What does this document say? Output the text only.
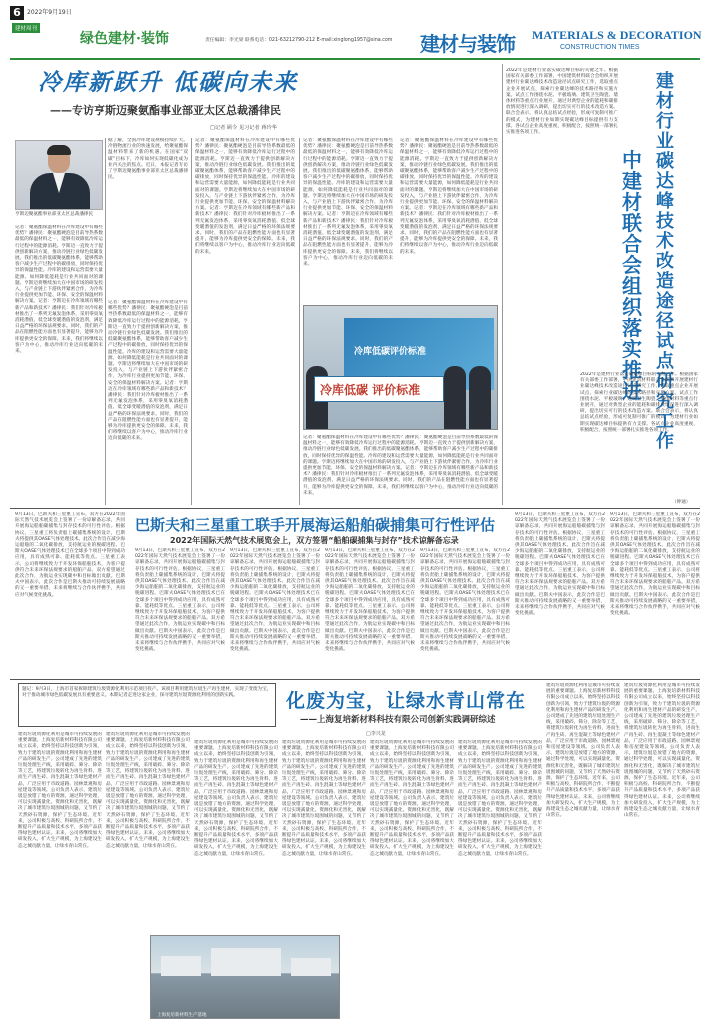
6	2022年9月19日
建材周刊
绿色建材·装饰	责任编辑：李光梁 联系电话：021-63212790-212 E-mail:xinglong1957@sina.com 建材与装饰 MATERIALS & DECORATION
CONSTRUCTION TIMES
冷库新跃升 低碳向未来
——专访亨斯迈聚氨酯事业部亚太区总裁潘律民
□记者 顾令 见习记者 蒋玲华
亨斯迈聚氨酯事业部亚太区总裁潘律民
据了解，全国冷库建设规模持续扩大。冷链物流行业的快速发展，给聚氨酯保温材料带来了新的机遇。在国家“双碳”目标下，冷库如何实现低碳化成为业内关注的焦点。近日，本报记者专访了亨斯迈聚氨酯事业部亚太区总裁潘律民。
记者：聚氨酯保温材料在冷库建设中有哪些优势？潘律民：聚氨酯硬泡是目前导热系数最低的保温材料之一，能够有效降低冷库运行过程中的能源消耗。亨斯迈一直致力于提供创新解决方案，推动冷链行业绿色低碳发展。我们推出的低碳聚氨酯体系，能够帮助客户减少生产过程中的碳排放，同时保持优异的保温性能。冷库的建设和运营需要大量能源，如何降低能耗是行业共同面对的课题。亨斯迈将继续加大在中国市场的研发投入，与产业链上下游伙伴紧密合作，为冷库行业提供更加节能、环保、安全的保温材料解决方案。记者：亨斯迈在冷库领域有哪些新产品和新技术？潘律民：我们针对冷库板材推出了一系列无氟发泡体系，采用零臭氧消耗潜值、低全球变暖潜值的发泡剂，满足日益严格的环保法规要求。同时，我们的产品在阻燃性能方面也有显著提升，能够为冷库提供更安全的保障。未来，我们将继续以客户为中心，推动冷库行业迈向低碳的未来。
记者：聚氨酯保温材料在冷库建设中有哪些优势？潘律民：聚氨酯硬泡是目前导热系数最低的保温材料之一，能够有效降低冷库运行过程中的能源消耗。亨斯迈一直致力于提供创新解决方案，推动冷链行业绿色低碳发展。我们推出的低碳聚氨酯体系，能够帮助客户减少生产过程中的碳排放，同时保持优异的保温性能。冷库的建设和运营需要大量能源，如何降低能耗是行业共同面对的课题。亨斯迈将继续加大在中国市场的研发投入，与产业链上下游伙伴紧密合作，为冷库行业提供更加节能、环保、安全的保温材料解决方案。记者：亨斯迈在冷库领域有哪些新产品和新技术？潘律民：我们针对冷库板材推出了一系列无氟发泡体系，采用零臭氧消耗潜值、低全球变暖潜值的发泡剂，满足日益严格的环保法规要求。同时，我们的产品在阻燃性能方面也有显著提升，能够为冷库提供更安全的保障。未来，我们将继续以客户为中心，推动冷库行业迈向低碳的未来。
记者：聚氨酯保温材料在冷库建设中有哪些优势？潘律民：聚氨酯硬泡是目前导热系数最低的保温材料之一，能够有效降低冷库运行过程中的能源消耗。亨斯迈一直致力于提供创新解决方案，推动冷链行业绿色低碳发展。我们推出的低碳聚氨酯体系，能够帮助客户减少生产过程中的碳排放，同时保持优异的保温性能。冷库的建设和运营需要大量能源，如何降低能耗是行业共同面对的课题。亨斯迈将继续加大在中国市场的研发投入，与产业链上下游伙伴紧密合作，为冷库行业提供更加节能、环保、安全的保温材料解决方案。记者：亨斯迈在冷库领域有哪些新产品和新技术？潘律民：我们针对冷库板材推出了一系列无氟发泡体系，采用零臭氧消耗潜值、低全球变暖潜值的发泡剂，满足日益严格的环保法规要求。同时，我们的产品在阻燃性能方面也有显著提升，能够为冷库提供更安全的保障。未来，我们将继续以客户为中心，推动冷库行业迈向低碳的未来。
记者：聚氨酯保温材料在冷库建设中有哪些优势？潘律民：聚氨酯硬泡是目前导热系数最低的保温材料之一，能够有效降低冷库运行过程中的能源消耗。亨斯迈一直致力于提供创新解决方案，推动冷链行业绿色低碳发展。我们推出的低碳聚氨酯体系，能够帮助客户减少生产过程中的碳排放，同时保持优异的保温性能。冷库的建设和运营需要大量能源，如何降低能耗是行业共同面对的课题。亨斯迈将继续加大在中国市场的研发投入，与产业链上下游伙伴紧密合作，为冷库行业提供更加节能、环保、安全的保温材料解决方案。记者：亨斯迈在冷库领域有哪些新产品和新技术？潘律民：我们针对冷库板材推出了一系列无氟发泡体系，采用零臭氧消耗潜值、低全球变暖潜值的发泡剂，满足日益严格的环保法规要求。同时，我们的产品在阻燃性能方面也有显著提升，能够为冷库提供更安全的保障。未来，我们将继续以客户为中心，推动冷库行业迈向低碳的未来。
记者：聚氨酯保温材料在冷库建设中有哪些优势？潘律民：聚氨酯硬泡是目前导热系数最低的保温材料之一，能够有效降低冷库运行过程中的能源消耗。亨斯迈一直致力于提供创新解决方案，推动冷链行业绿色低碳发展。我们推出的低碳聚氨酯体系，能够帮助客户减少生产过程中的碳排放，同时保持优异的保温性能。冷库的建设和运营需要大量能源，如何降低能耗是行业共同面对的课题。亨斯迈将继续加大在中国市场的研发投入，与产业链上下游伙伴紧密合作，为冷库行业提供更加节能、环保、安全的保温材料解决方案。记者：亨斯迈在冷库领域有哪些新产品和新技术？潘律民：我们针对冷库板材推出了一系列无氟发泡体系，采用零臭氧消耗潜值、低全球变暖潜值的发泡剂，满足日益严格的环保法规要求。同时，我们的产品在阻燃性能方面也有显著提升，能够为冷库提供更安全的保障。未来，我们将继续以客户为中心，推动冷库行业迈向低碳的未来。
记者：聚氨酯保温材料在冷库建设中有哪些优势？潘律民：聚氨酯硬泡是目前导热系数最低的保温材料之一，能够有效降低冷库运行过程中的能源消耗。亨斯迈一直致力于提供创新解决方案，推动冷链行业绿色低碳发展。我们推出的低碳聚氨酯体系，能够帮助客户减少生产过程中的碳排放，同时保持优异的保温性能。冷库的建设和运营需要大量能源，如何降低能耗是行业共同面对的课题。亨斯迈将继续加大在中国市场的研发投入，与产业链上下游伙伴紧密合作，为冷库行业提供更加节能、环保、安全的保温材料解决方案。记者：亨斯迈在冷库领域有哪些新产品和新技术？潘律民：我们针对冷库板材推出了一系列无氟发泡体系，采用零臭氧消耗潜值、低全球变暖潜值的发泡剂，满足日益严格的环保法规要求。同时，我们的产品在阻燃性能方面也有显著提升，能够为冷库提供更安全的保障。未来，我们将继续以客户为中心，推动冷库行业迈向低碳的未来。
冷库低碳评价标准
冷库低碳 评价标准
建材行业碳达峰技术改造途径试点研究工作
中建材联合会组织落实推进
2022年是建材行业落实碳达峰目标的关键之年。根据国家有关部委工作部署，中国建筑材料联合会组织开展建材行业碳达峰技术改造途径试点研究工作，选取重点企业开展试点，探索行业碳达峰的技术路径和实施方案。试点工作围绕水泥、平板玻璃、建筑卫生陶瓷、墙体材料等重点行业展开，通过对典型企业的能耗和碳排放情况进行深入调研，提出切实可行的技术改造方案。联合会表示，将认真总结试点经验，形成可复制可推广的模式，为建材行业如期实现碳达峰目标提供有力支撑。各试点企业高度重视，积极配合，按照统一部署扎实推进各项工作。
2022年是建材行业落实碳达峰目标的关键之年。根据国家有关部委工作部署，中国建筑材料联合会组织开展建材行业碳达峰技术改造途径试点研究工作，选取重点企业开展试点，探索行业碳达峰的技术路径和实施方案。试点工作围绕水泥、平板玻璃、建筑卫生陶瓷、墙体材料等重点行业展开，通过对典型企业的能耗和碳排放情况进行深入调研，提出切实可行的技术改造方案。联合会表示，将认真总结试点经验，形成可复制可推广的模式，为建材行业如期实现碳达峰目标提供有力支撑。各试点企业高度重视，积极配合，按照统一部署扎实推进各项工作。
（钟通）
巴斯夫和三星重工联手开展海运船舶碳捕集可行性评估
2022年国际天然气技术展览会上，双方签署“船舶碳捕集与封存”技术谅解备忘录
9月13日，巴斯夫和三星重工宣布，双方在2022年国际天然气技术展览会上签署了一份谅解备忘录，共同开展海运船舶碳捕集与封存技术的可行性评估。根据协议，三星重工将负责船上碳捕集系统的设计，巴斯夫将提供其OASE气体处理技术。此次合作旨在减少海运船舶的二氧化碳排放，支持航运业的脱碳进程。巴斯夫OASE气体处理技术已在全球多个项目中得到成功应用，具有成熟可靠、能耗低等优点。三星重工表示，公司将继续致力于开发环保船舶技术，为客户提供符合未来环保法规要求的船舶产品。双方希望通过此次合作，为航运业实现碳中和目标做出贡献。巴斯夫中国表示，此次合作是巴斯夫推动可持续发展战略的又一重要举措，未来将继续与合作伙伴携手，共同应对气候变化挑战。
9月13日，巴斯夫和三星重工宣布，双方在2022年国际天然气技术展览会上签署了一份谅解备忘录，共同开展海运船舶碳捕集与封存技术的可行性评估。根据协议，三星重工将负责船上碳捕集系统的设计，巴斯夫将提供其OASE气体处理技术。此次合作旨在减少海运船舶的二氧化碳排放，支持航运业的脱碳进程。巴斯夫OASE气体处理技术已在全球多个项目中得到成功应用，具有成熟可靠、能耗低等优点。三星重工表示，公司将继续致力于开发环保船舶技术，为客户提供符合未来环保法规要求的船舶产品。双方希望通过此次合作，为航运业实现碳中和目标做出贡献。巴斯夫中国表示，此次合作是巴斯夫推动可持续发展战略的又一重要举措，未来将继续与合作伙伴携手，共同应对气候变化挑战。
9月13日，巴斯夫和三星重工宣布，双方在2022年国际天然气技术展览会上签署了一份谅解备忘录，共同开展海运船舶碳捕集与封存技术的可行性评估。根据协议，三星重工将负责船上碳捕集系统的设计，巴斯夫将提供其OASE气体处理技术。此次合作旨在减少海运船舶的二氧化碳排放，支持航运业的脱碳进程。巴斯夫OASE气体处理技术已在全球多个项目中得到成功应用，具有成熟可靠、能耗低等优点。三星重工表示，公司将继续致力于开发环保船舶技术，为客户提供符合未来环保法规要求的船舶产品。双方希望通过此次合作，为航运业实现碳中和目标做出贡献。巴斯夫中国表示，此次合作是巴斯夫推动可持续发展战略的又一重要举措，未来将继续与合作伙伴携手，共同应对气候变化挑战。
9月13日，巴斯夫和三星重工宣布，双方在2022年国际天然气技术展览会上签署了一份谅解备忘录，共同开展海运船舶碳捕集与封存技术的可行性评估。根据协议，三星重工将负责船上碳捕集系统的设计，巴斯夫将提供其OASE气体处理技术。此次合作旨在减少海运船舶的二氧化碳排放，支持航运业的脱碳进程。巴斯夫OASE气体处理技术已在全球多个项目中得到成功应用，具有成熟可靠、能耗低等优点。三星重工表示，公司将继续致力于开发环保船舶技术，为客户提供符合未来环保法规要求的船舶产品。双方希望通过此次合作，为航运业实现碳中和目标做出贡献。巴斯夫中国表示，此次合作是巴斯夫推动可持续发展战略的又一重要举措，未来将继续与合作伙伴携手，共同应对气候变化挑战。
9月13日，巴斯夫和三星重工宣布，双方在2022年国际天然气技术展览会上签署了一份谅解备忘录，共同开展海运船舶碳捕集与封存技术的可行性评估。根据协议，三星重工将负责船上碳捕集系统的设计，巴斯夫将提供其OASE气体处理技术。此次合作旨在减少海运船舶的二氧化碳排放，支持航运业的脱碳进程。巴斯夫OASE气体处理技术已在全球多个项目中得到成功应用，具有成熟可靠、能耗低等优点。三星重工表示，公司将继续致力于开发环保船舶技术，为客户提供符合未来环保法规要求的船舶产品。双方希望通过此次合作，为航运业实现碳中和目标做出贡献。巴斯夫中国表示，此次合作是巴斯夫推动可持续发展战略的又一重要举措，未来将继续与合作伙伴携手，共同应对气候变化挑战。
9月13日，巴斯夫和三星重工宣布，双方在2022年国际天然气技术展览会上签署了一份谅解备忘录，共同开展海运船舶碳捕集与封存技术的可行性评估。根据协议，三星重工将负责船上碳捕集系统的设计，巴斯夫将提供其OASE气体处理技术。此次合作旨在减少海运船舶的二氧化碳排放，支持航运业的脱碳进程。巴斯夫OASE气体处理技术已在全球多个项目中得到成功应用，具有成熟可靠、能耗低等优点。三星重工表示，公司将继续致力于开发环保船舶技术，为客户提供符合未来环保法规要求的船舶产品。双方希望通过此次合作，为航运业实现碳中和目标做出贡献。巴斯夫中国表示，此次合作是巴斯夫推动可持续发展战略的又一重要举措，未来将继续与合作伙伴携手，共同应对气候变化挑战。
9月13日，巴斯夫和三星重工宣布，双方在2022年国际天然气技术展览会上签署了一份谅解备忘录，共同开展海运船舶碳捕集与封存技术的可行性评估。根据协议，三星重工将负责船上碳捕集系统的设计，巴斯夫将提供其OASE气体处理技术。此次合作旨在减少海运船舶的二氧化碳排放，支持航运业的脱碳进程。巴斯夫OASE气体处理技术已在全球多个项目中得到成功应用，具有成熟可靠、能耗低等优点。三星重工表示，公司将继续致力于开发环保船舶技术，为客户提供符合未来环保法规要求的船舶产品。双方希望通过此次合作，为航运业实现碳中和目标做出贡献。巴斯夫中国表示，此次合作是巴斯夫推动可持续发展战略的又一重要举措，未来将继续与合作伙伴携手，共同应对气候变化挑战。
题记：9月3日，上海市首家拆除建筑垃圾资源化利用示范项目投产。该项目利用建筑垃圾生产再生建材，实现了变废为宝，对于推动城市绿色低碳发展具有重要意义。本期记者走进这家企业，探寻建筑垃圾资源化利用的创新实践。	化废为宝，让绿水青山常在
——上海复培新材料科技有限公司创新实践调研综述
□李兴龙
建筑垃圾资源化利用是城市可持续发展的重要课题。上海复培新材料科技有限公司成立以来，始终坚持以科技创新为引领，致力于建筑垃圾的资源化利用和再生建材产品的研发生产。公司建成了先进的建筑垃圾处理生产线，采用破碎、筛分、除杂等工艺，将建筑垃圾转化为再生骨料，进而生产再生砖、再生混凝土等绿色建材产品，广泛应用于市政道路、园林景观和房屋建设等领域。公司负责人表示，建筑垃圾是放错了地方的资源，通过科学处理，可以实现减量化、资源化和无害化，既解决了城市建筑垃圾围城的问题，又节约了天然砂石资源，保护了生态环境。近年来，公司积极与高校、科研院所合作，不断提升产品质量和技术水平，多项产品获得绿色建材认证。未来，公司将继续加大研发投入，扩大生产规模，为上海建设生态之城贡献力量，让绿水青山常在。
建筑垃圾资源化利用是城市可持续发展的重要课题。上海复培新材料科技有限公司成立以来，始终坚持以科技创新为引领，致力于建筑垃圾的资源化利用和再生建材产品的研发生产。公司建成了先进的建筑垃圾处理生产线，采用破碎、筛分、除杂等工艺，将建筑垃圾转化为再生骨料，进而生产再生砖、再生混凝土等绿色建材产品，广泛应用于市政道路、园林景观和房屋建设等领域。公司负责人表示，建筑垃圾是放错了地方的资源，通过科学处理，可以实现减量化、资源化和无害化，既解决了城市建筑垃圾围城的问题，又节约了天然砂石资源，保护了生态环境。近年来，公司积极与高校、科研院所合作，不断提升产品质量和技术水平，多项产品获得绿色建材认证。未来，公司将继续加大研发投入，扩大生产规模，为上海建设生态之城贡献力量，让绿水青山常在。
建筑垃圾资源化利用是城市可持续发展的重要课题。上海复培新材料科技有限公司成立以来，始终坚持以科技创新为引领，致力于建筑垃圾的资源化利用和再生建材产品的研发生产。公司建成了先进的建筑垃圾处理生产线，采用破碎、筛分、除杂等工艺，将建筑垃圾转化为再生骨料，进而生产再生砖、再生混凝土等绿色建材产品，广泛应用于市政道路、园林景观和房屋建设等领域。公司负责人表示，建筑垃圾是放错了地方的资源，通过科学处理，可以实现减量化、资源化和无害化，既解决了城市建筑垃圾围城的问题，又节约了天然砂石资源，保护了生态环境。近年来，公司积极与高校、科研院所合作，不断提升产品质量和技术水平，多项产品获得绿色建材认证。未来，公司将继续加大研发投入，扩大生产规模，为上海建设生态之城贡献力量，让绿水青山常在。
建筑垃圾资源化利用是城市可持续发展的重要课题。上海复培新材料科技有限公司成立以来，始终坚持以科技创新为引领，致力于建筑垃圾的资源化利用和再生建材产品的研发生产。公司建成了先进的建筑垃圾处理生产线，采用破碎、筛分、除杂等工艺，将建筑垃圾转化为再生骨料，进而生产再生砖、再生混凝土等绿色建材产品，广泛应用于市政道路、园林景观和房屋建设等领域。公司负责人表示，建筑垃圾是放错了地方的资源，通过科学处理，可以实现减量化、资源化和无害化，既解决了城市建筑垃圾围城的问题，又节约了天然砂石资源，保护了生态环境。近年来，公司积极与高校、科研院所合作，不断提升产品质量和技术水平，多项产品获得绿色建材认证。未来，公司将继续加大研发投入，扩大生产规模，为上海建设生态之城贡献力量，让绿水青山常在。
建筑垃圾资源化利用是城市可持续发展的重要课题。上海复培新材料科技有限公司成立以来，始终坚持以科技创新为引领，致力于建筑垃圾的资源化利用和再生建材产品的研发生产。公司建成了先进的建筑垃圾处理生产线，采用破碎、筛分、除杂等工艺，将建筑垃圾转化为再生骨料，进而生产再生砖、再生混凝土等绿色建材产品，广泛应用于市政道路、园林景观和房屋建设等领域。公司负责人表示，建筑垃圾是放错了地方的资源，通过科学处理，可以实现减量化、资源化和无害化，既解决了城市建筑垃圾围城的问题，又节约了天然砂石资源，保护了生态环境。近年来，公司积极与高校、科研院所合作，不断提升产品质量和技术水平，多项产品获得绿色建材认证。未来，公司将继续加大研发投入，扩大生产规模，为上海建设生态之城贡献力量，让绿水青山常在。
建筑垃圾资源化利用是城市可持续发展的重要课题。上海复培新材料科技有限公司成立以来，始终坚持以科技创新为引领，致力于建筑垃圾的资源化利用和再生建材产品的研发生产。公司建成了先进的建筑垃圾处理生产线，采用破碎、筛分、除杂等工艺，将建筑垃圾转化为再生骨料，进而生产再生砖、再生混凝土等绿色建材产品，广泛应用于市政道路、园林景观和房屋建设等领域。公司负责人表示，建筑垃圾是放错了地方的资源，通过科学处理，可以实现减量化、资源化和无害化，既解决了城市建筑垃圾围城的问题，又节约了天然砂石资源，保护了生态环境。近年来，公司积极与高校、科研院所合作，不断提升产品质量和技术水平，多项产品获得绿色建材认证。未来，公司将继续加大研发投入，扩大生产规模，为上海建设生态之城贡献力量，让绿水青山常在。
建筑垃圾资源化利用是城市可持续发展的重要课题。上海复培新材料科技有限公司成立以来，始终坚持以科技创新为引领，致力于建筑垃圾的资源化利用和再生建材产品的研发生产。公司建成了先进的建筑垃圾处理生产线，采用破碎、筛分、除杂等工艺，将建筑垃圾转化为再生骨料，进而生产再生砖、再生混凝土等绿色建材产品，广泛应用于市政道路、园林景观和房屋建设等领域。公司负责人表示，建筑垃圾是放错了地方的资源，通过科学处理，可以实现减量化、资源化和无害化，既解决了城市建筑垃圾围城的问题，又节约了天然砂石资源，保护了生态环境。近年来，公司积极与高校、科研院所合作，不断提升产品质量和技术水平，多项产品获得绿色建材认证。未来，公司将继续加大研发投入，扩大生产规模，为上海建设生态之城贡献力量，让绿水青山常在。
建筑垃圾资源化利用是城市可持续发展的重要课题。上海复培新材料科技有限公司成立以来，始终坚持以科技创新为引领，致力于建筑垃圾的资源化利用和再生建材产品的研发生产。公司建成了先进的建筑垃圾处理生产线，采用破碎、筛分、除杂等工艺，将建筑垃圾转化为再生骨料，进而生产再生砖、再生混凝土等绿色建材产品，广泛应用于市政道路、园林景观和房屋建设等领域。公司负责人表示，建筑垃圾是放错了地方的资源，通过科学处理，可以实现减量化、资源化和无害化，既解决了城市建筑垃圾围城的问题，又节约了天然砂石资源，保护了生态环境。近年来，公司积极与高校、科研院所合作，不断提升产品质量和技术水平，多项产品获得绿色建材认证。未来，公司将继续加大研发投入，扩大生产规模，为上海建设生态之城贡献力量，让绿水青山常在。
上海复培新材料生产基地
